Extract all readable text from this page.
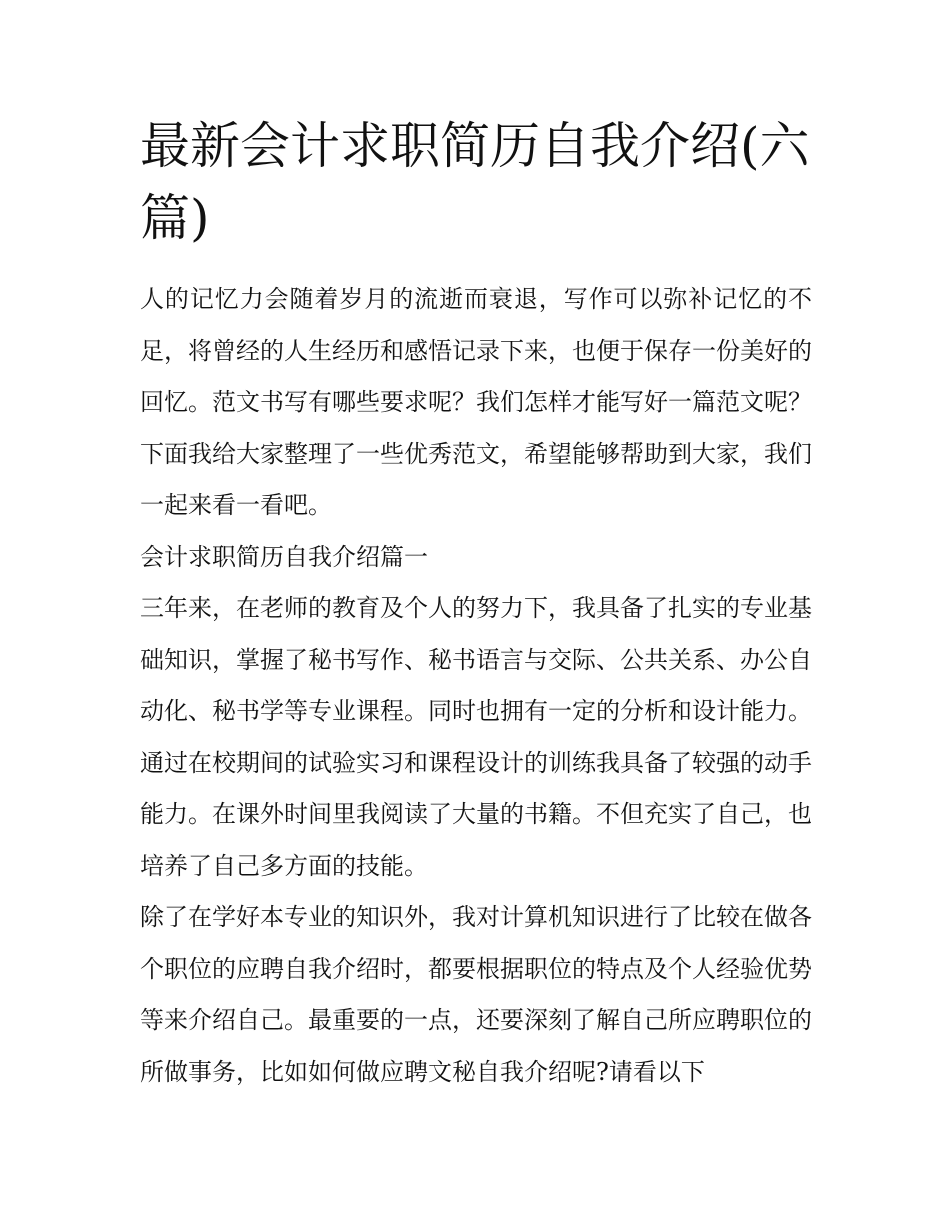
最新会计求职简历自我介绍(六篇)

人的记忆力会随着岁月的流逝而衰退，写作可以弥补记忆的不足，将曾经的人生经历和感悟记录下来，也便于保存一份美好的回忆。范文书写有哪些要求呢？我们怎样才能写好一篇范文呢？下面我给大家整理了一些优秀范文，希望能够帮助到大家，我们一起来看一看吧。

会计求职简历自我介绍篇一

三年来，在老师的教育及个人的努力下，我具备了扎实的专业基础知识，掌握了秘书写作、秘书语言与交际、公共关系、办公自动化、秘书学等专业课程。同时也拥有一定的分析和设计能力。通过在校期间的试验实习和课程设计的训练我具备了较强的动手能力。在课外时间里我阅读了大量的书籍。不但充实了自己，也培养了自己多方面的技能。

除了在学好本专业的知识外，我对计算机知识进行了比较在做各个职位的应聘自我介绍时，都要根据职位的特点及个人经验优势等来介绍自己。最重要的一点，还要深刻了解自己所应聘职位的所做事务，比如如何做应聘文秘自我介绍呢?请看以下
